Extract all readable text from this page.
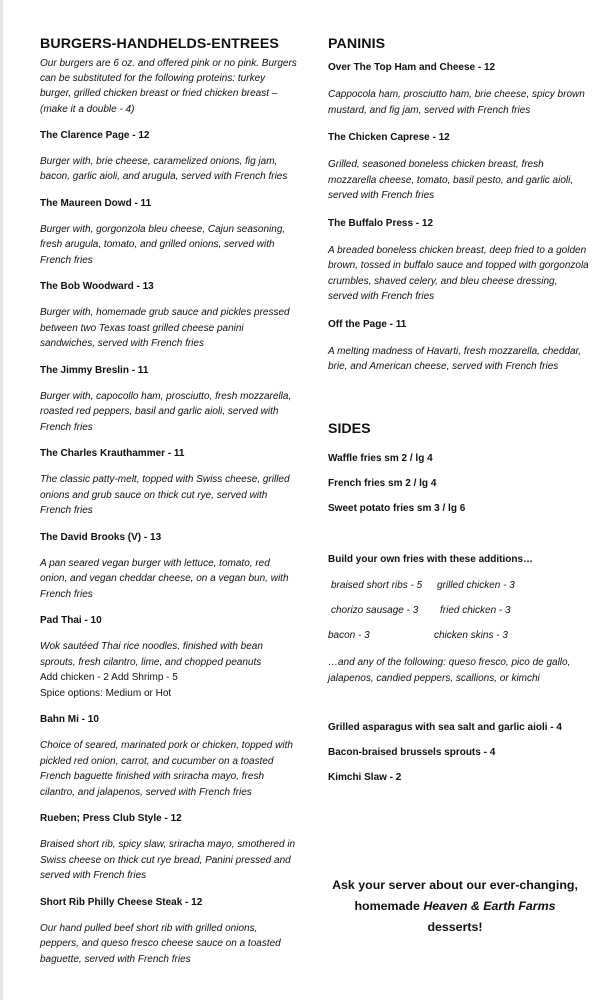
BURGERS-HANDHELDS-ENTREES
Our burgers are 6 oz. and offered pink or no pink. Burgers can be substituted for the following proteins: turkey burger, grilled chicken breast or fried chicken breast – (make it a double - 4)
The Clarence Page - 12
Burger with, brie cheese, caramelized onions, fig jam, bacon, garlic aioli, and arugula, served with French fries
The Maureen Dowd - 11
Burger with, gorgonzola bleu cheese, Cajun seasoning, fresh arugula, tomato, and grilled onions, served with French fries
The Bob Woodward - 13
Burger with, homemade grub sauce and pickles pressed between two Texas toast grilled cheese panini sandwiches, served with French fries
The Jimmy Breslin - 11
Burger with, capocollo ham, prosciutto, fresh mozzarella, roasted red peppers, basil and garlic aioli, served with French fries
The Charles Krauthammer - 11
The classic patty-melt, topped with Swiss cheese, grilled onions and grub sauce on thick cut rye, served with French fries
The David Brooks (V) - 13
A pan seared vegan burger with lettuce, tomato, red onion, and vegan cheddar cheese, on a vegan bun, with French fries
Pad Thai - 10
Wok sautéed Thai rice noodles, finished with bean sprouts, fresh cilantro, lime, and chopped peanuts
Add chicken - 2 Add Shrimp - 5
Spice options: Medium or Hot
Bahn Mi - 10
Choice of seared, marinated pork or chicken, topped with pickled red onion, carrot, and cucumber on a toasted French baguette finished with sriracha mayo, fresh cilantro, and jalapenos, served with French fries
Rueben; Press Club Style - 12
Braised short rib, spicy slaw, sriracha mayo, smothered in Swiss cheese on thick cut rye bread, Panini pressed and served with French fries
Short Rib Philly Cheese Steak - 12
Our hand pulled beef short rib with grilled onions, peppers, and queso fresco cheese sauce on a toasted baguette, served with French fries
PANINIS
Over The Top Ham and Cheese - 12
Cappocola ham, prosciutto ham, brie cheese, spicy brown mustard, and fig jam, served with French fries
The Chicken Caprese - 12
Grilled, seasoned boneless chicken breast, fresh mozzarella cheese, tomato, basil pesto, and garlic aioli, served with French fries
The Buffalo Press - 12
A breaded boneless chicken breast, deep fried to a golden brown, tossed in buffalo sauce and topped with gorgonzola crumbles, shaved celery, and bleu cheese dressing, served with French fries
Off the Page - 11
A melting madness of Havarti, fresh mozzarella, cheddar, brie, and American cheese, served with French fries
SIDES
Waffle fries sm 2 / lg 4
French fries sm 2 / lg 4
Sweet potato fries sm 3 / lg 6
Build your own fries with these additions…
braised short ribs - 5 grilled chicken - 3
chorizo sausage - 3 fried chicken - 3
bacon - 3	chicken skins - 3
…and any of the following: queso fresco, pico de gallo, jalapenos, candied peppers, scallions, or kimchi
Grilled asparagus with sea salt and garlic aioli - 4
Bacon-braised brussels sprouts - 4
Kimchi Slaw - 2
Ask your server about our ever-changing,
homemade Heaven & Earth Farms
desserts!
